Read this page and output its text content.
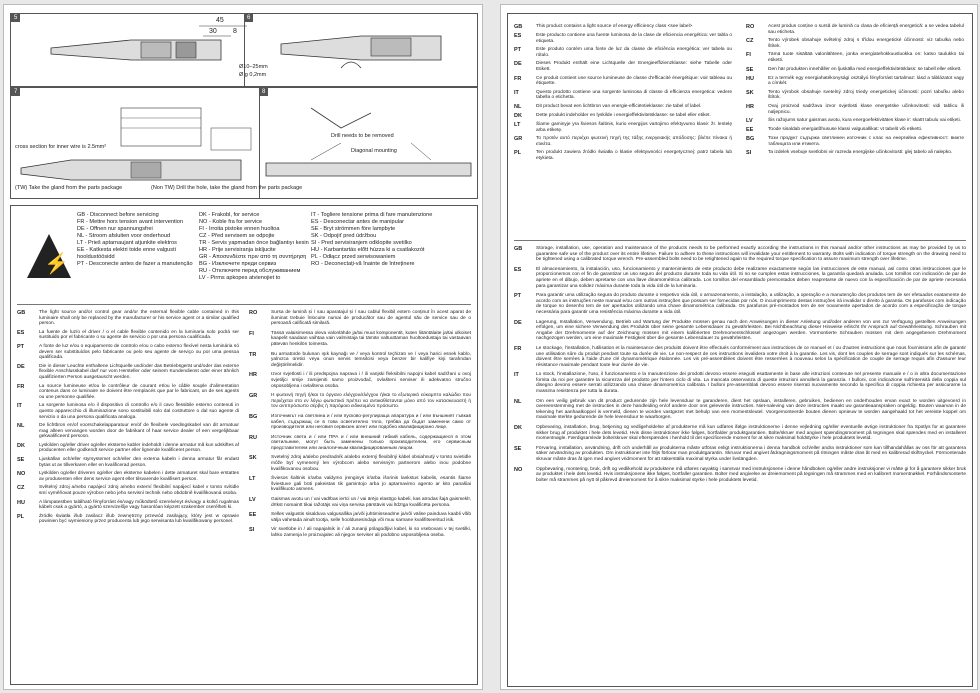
5	6
45
30 8
Ø10–25mm
Ø g 0,2mm
7	8
cross section for inner wire is 2.5mm²
(TW) Take the gland from the parts package	(Non TW) Drill the hole, take the gland from the parts package
Drill needs to be removed
Diagonal mounting
⚡
GB - Disconnect before servicing
FR - Mettre hors tension avant intervention
DE - Offnen nur spannungsfrei
NL - Stroom afsluiten voor onderhoud
LT - Prieš aptarnaujant atjunkite elektros
EE - Katkesta elektri toide enne valgusti hooldustöösidd
PT - Desconecte antes de fazer a manutenção
DK - Frakobl, for service
NO - Koble fra for service
FI - Irroita pistoke ennen huoltoa
CZ - Před servisem se odpojte
TR - Servis yapmadan önce bağlantıyı kesin
HR - Prije servisiranja iskljucite
GR - Αποσυνδέστε πριν από τη συντήρηση
BG - Изключете преди сервиз
RU - Отключите перед обслуживанием
LV - Pirms apkopes atvienojiet to
IT - Togliere tensione prima di fare manutenzione
ES - Desconectar antes de manipular
SE - Bryt strömmen före lampbyte
SK - Odpojiť pred údržbou
SI - Pred servisiranjem odklopite svetilko
HU - Karbantartás előtt húzza ki a csatlakozót
PL - Odłącz przed serwisowaniem
RO - Deconectați-vă înainte de întreținere
GB	The light source and/or control gear and/or the external flexible cable contained in this luminaire shall only be replaced by the manufacturer or his service agent or a similar qualified person.
ES	La fuente de luz/o el driver / o el cable flexible contenido en la luminaria solo podrá ser sustituido por el fabricante o su agente de servicio o por una persona cualificada.
PT	A fonte de luz e/ou o equipamento de controlo e/ou o cabo externo flexível nesta luminária só devem ser substituídos pelo fabricante ou pelo seu agente de serviço ou por uma pessoa qualificada.
DE	Die in dieser Leuchte enthaltene Lichtquelle und/oder das Betriebsgerät und/oder das externe flexible Anschlusskabel darf nur vom Hersteller oder seinem Kundendienst oder einer ähnlich qualifizierten Person ausgetauscht werden.
FR	La source lumineuse et/ou le contrôleur de courant et/ou le câble souple d'alimentation contenus dans ce luminaire ne doivent être remplacés que par le fabricant, un de ses agents ou une personne qualifiée.
IT	La sorgente luminosa e/o il dispositivo di controllo e/o il cavo flessibile esterno contenuti in questo apparecchio di illuminazione sono sostituibili solo dal costruttore o dal suo agente di servizio o da una persona qualificata analoga.
NL	De lichtbron en/of voorschakelapparatuur en/of de flexibele voedingskabel van dit armatuur mag alleen vervangen worden door de fabrikant of haar service dealer of een vergelijkbaar gekwalificeerd persoon.
DK	Lyskilden og/eller driver og/eller eksterne kabler indeholdt i denne armatur må kun udskiftes af producenten eller godkendt service partner eller lignende kvalificeret person.
SE	Ljuskällan och/eller styrsystemet och/eller den externa kabeln i denna armatur får endast bytas ut av tillverkaren eller en kvalificerad person.
NO	Lyskilden og/eller driveren og/eller den eksterne kabelen i dette armaturet skal bare erstattes av produsenten eller dens service agent eller tilsvarende kvalifisert person.
CZ	Světelný zdroj a/nebo napájecí zdroj a/nebo externí flexibilní napájecí kabel v tomto svítidle smí vyměňovat pouze výrobce nebo jeho servisní technik nebo obdobně kvalifikovaná osoba.
HU	A lámpatestben található fényforrást és/vagy működtető szerelvényt és/vagy a külső rugalmas kábelt csak a gyártó, a gyártó szervizelője vagy hasonlóan képzett szakember cserélheti ki.
PL	Źródło światła i/lub zasilacz i/lub zewnętrzny przewód zasilający, który jest w oprawie powinien być wymieniony przez producenta lub jego serwisanta lub kwalifikowany personel.
RO	Sursa de lumină și / sau aparatajul și / sau cablul flexibil extern conținut în acest aparat de iluminat trebuie înlocuite numai de producător sau de agentul său de service sau de o persoană calificată similară.
FI	Tässä valaisimessa oleva valonlähde ja/tai muut komponentit, kuten liitäntälaite ja/tai ulkoiset kaapelit saadaan vaihtaa vain valmistaja tai tämän valtuuttaman huoltoedustaja tai vastaavan pätevän henkilön toimesta.
TR	Bu armatürde bulunan ışık kaynağı ve / veya kontrol teçhizatı ve / veya harici esnek kablo, yalnızca üretici veya onun servis temsilcisi veya benzer bir kalifiye kişi tarafından değiştirilmelidir.
HR	Izvor svjetlosti i / ili predspojna naprava i / ili vanjski fleksibilni napojni kabel sadržani u ovoj svjetiljci smije zamijeniti samo proizvođač, ovlašteni serviser ili adekvatno stručno osposobljena i ovlaštena osoba.
GR	Η φωτεινή πηγή ή/και το όργανο ελέγχου/ελέγχου ή/και το εξωτερικό εύκαμπτο καλώδιο που περιέχεται στο εν λόγω φωτιστικό πρέπει να αντικαθίστανται μόνο από τον κατασκευαστή ή τον αντιπρόσωπο σέρβις ή παρόμοιο ειδικευμένο πρόσωπο.
BG	Източникът на светлина и / или пусково-регулираща апаратура и / или външният гъвкав кабел, съдържащ се в това осветително тяло, трябва да бъдат заменени само от производителя или неговия сервизен агент или подобно квалифицирано лице.
RU	Источник света и / или ПРА и / или внешний гибкий кабель, содержащиеся в этом светильнике, могут быть заменены только производителем, его сервисным представителем или аналогичным квалифицированным лицом.
SK	Svetelný zdroj a/alebo predradník a/alebo externý flexibilný kábel obsiahnutý v tomto svietidle môže byť vymenený len výrobcom alebo servisným partnerom alebo inou podobne kvalifikovanou osobou.
LT	Šviesos šaltinis ir/arba valdymo įrenginys ir/arba išorinis lankstus kabelis, esantis šiame šviestuve gali būti pakeistas tik gamintojo arba jo aptarnavimo agento ar kito panašiai kvalifikuoto asmens.
LV	Gaismas avotu un / vai vadības ierīci un / vai ārējo elastīgo kabeli, kas atrodas šajā gaismeklī, drīkst nomainīt tikai ražotājs vai viņa servisa pārstāvis vai līdzīga kvalificēta persona.
EE	Selles valgustis sisalduva valgusallika ja/või juhtimisseadme ja/või välise painduva kaabli võib välja vahetada ainult tootja, selle hooldusesindaja või muu sarnane kvalifitseeritud isik.
SI	Vir svetlobe in / ali napajalnik in / ali zunanji prilagodljivi kabel, ki so vsebovani v tej svetilki, lahko zamenja le proizvajalec ali njegov serviser ali podobno usposobljena oseba.
GB	This product contains a light source of energy efficiency class <see label>
ES	Este producto contiene una fuente luminosa de la clase de eficiencia energética: ver tabla o etiqueta.
PT	Este produto contém uma fonte de luz da classe de eficiência energética: ver tabela ou rótulo.
DE	Dieses Produkt enthält eine Lichtquelle der Energieeffizienzklasse: siehe Tabelle oder Etikett.
FR	Ce produit contient une source lumineuse de classe d'efficacité énergétique: voir tableau ou étiquette.
IT	Questo prodotto contiene una sorgente luminosa di classe di efficienza energetica: vedere tabella o etichetta.
NL	Dit product bevat een lichtbron van energie-efficiëntieklasse: zie tabel of label.
DK	Dette produkt indeholder en lyskilde i energieffektivitetsklasse: se tabel eller etiket.
LT	Šiame gaminyje yra šviesos šaltinis, kurio energijos vartojimo efektyvumo klasė: žr. lentelę arba etiketę.
GR	Το προϊόν αυτό περιέχει φωτεινή πηγή της τάξης ενεργειακής απόδοσης: βλέπε πίνακα ή ετικέτα.
PL	Ten produkt zawiera źródło światła o klasie efektywności energetycznej: patrz tabela lub etykieta.
RO	Acest produs conține o sursă de lumină cu clasa de eficiență energetică: a se vedea tabelul sau eticheta.
CZ	Tento výrobek obsahuje světelný zdroj s třídou energetické účinnosti: viz tabulka nebo štítek.
FI	Tämä tuote sisältää valonlähteen, jonka energiatehokkuusluokka on: katso taulukko tai etiketti.
SE	Den här produkten innehåller en ljuskälla med energieffektivitetsklass: se tabell eller etikett.
HU	Ez a termék egy energiahatékonysági osztályú fényforrást tartalmaz: lásd a táblázatot vagy a címkét.
SK	Tento výrobok obsahuje svetelný zdroj triedy energetickej účinnosti: pozri tabuľku alebo štítok.
HR	Ovaj proizvod sadržava izvor svjetlosti klase energetske učinkovitosti: vidi tablicu ili naljepnicu.
LV	Šis ražojums satur gaismas avotu, kura energoefektivitātes klase ir: skatīt tabulu vai etiķeti.
EE	Toode sisaldab energiatõhususe klassi valgusallikat: vt tabelit või etiketti.
BG	Този продукт съдържа светлинен източник с клас на енергийна ефективност: вижте таблицата или етикета.
SI	Ta izdelek vsebuje svetlobni vir razreda energijske učinkovitosti: glej tabelo ali nalepko.
GB	Storage, installation, use, operation and maintenance of the products needs to be performed exactly according the instructions in this manual and/or other instructions as may be provided by us to guarantee safe use of the product over its entire lifetime. Failure to adhere to these instructions will invalidate your entitlement to warranty. Bolts with indication of torque strength on the drawing need to be tightened using a calibrated torque wrench. Pre-assembled bolts need to be retightened again to the required torque specification to assure maximum strength over lifetime.
ES	El almacenamiento, la instalación, uso, funcionamiento y mantenimiento de este producto debe realizarse exactamente según las instrucciones de este manual, así como otras instrucciones que le proporcionemos con el fin de garantizar un uso seguro del producto durante toda su vida útil. Si no se cumplen estas instrucciones, la garantía quedará anulada. Los tornillos con indicación de par de apriete en el dibujo, deben apretarse con una llave dinamométrica calibrada. Los tornillos del ensamblado premontados deben reapretarse de nuevo con la especificación de par de apriete necesaria para garantizar una solidez máxima durante toda la vida útil de la luminaria.
PT	Para garantir uma utilização segura do produto durante o respetivo vida útil, o armazenamento, a instalação, a utilização, a operação e a manutenção dos produtos tem de ser efetuados exatamente de acordo com as instruções neste manual e/ou com outras instruções que possam ser fornecidas por nós. O incumprimento destas instruções irá invalidar o direito à garantia. Os parafusos com indicação de torque no desenho tem de ser apertados utilizando uma chave dinamométrica calibrada. Os parafusos pré-montados tem de ser novamente apertados de acordo com a especificação de torque necessária para garantir uma resistência máxima durante a vida útil.
DE	Lagerung, Installation, Verwendung, Betrieb und Wartung der Produkte müssen genau nach den Anweisungen in dieser Anleitung und/oder anderen von uns zur Verfügung gestellten Anweisungen erfolgen, um eine sichere Verwendung des Produkts über seine gesamte Lebensdauer zu gewährleisten. Bei Nichtbeachtung dieser Hinweise erlischt Ihr Anspruch auf Gewährleistung. Schrauben mit Angabe der Drehmomente auf der Zeichnung müssen mit einem kalibrierten Drehmomentschlüssel angezogen werden. Vormontierte Schrauben müssen mit dem angegebenen Drehmoment nachgezogen werden, um eine maximale Festigkeit über die gesamte Lebensdauer zu gewährleisten.
FR	Le stockage, l'installation, l'utilisation et la maintenance des produits doivent être effectués conformément aux instructions de ce manuel et / ou d'autres instructions que nous fournissons afin de garantir une utilisation sûre du produit pendant toute sa durée de vie. Le non-respect de ces instructions invalidera votre droit à la garantie. Les vis, dont les couples de serrage sont indiqués sur les schémas, doivent être serrées à l'aide d'une clé dynamométrique étalonnée. Les vis pré-assemblées doivent être resserrées à nouveau selon la spécification de couple de serrage requis afin d'assurer leur résistance maximale pendant toute leur durée de vie.
IT	Lo stock, l'installazione, l'uso, il funzionamento e la manutenzione dei prodotti devono essere eseguiti esattamente in base alle istruzioni contenute nel presente manuale e / o in altra documentazione fornita da noi per garantire la sicurezza del prodotto per l'intero ciclo di vita. La mancata osservanza di queste istruzioni annullerà la garanzia. I bulloni, con indicazione sull'intensità della coppia sul disegno devono essere serrati utilizzando una chiave dinamometrica calibrata. I bulloni pre-assemblati devono essere riserrati nuovamente secondo la specifica di coppia richiesta per assicurarne la massima resistenza per tutta la durata.
NL	Om een veilig gebruik van dit product gedurende zijn hele levensduur te garanderen, dient het opslaan, installeren, gebruiken, bedienen en onderhouden ervan exact te worden uitgevoerd in overeenstemming met de instructies in deze handleiding en/of andere door ons geleverde instructies. Niet-naleving van deze instructies maakt uw garantieaanspraken ongeldig. Bouten waarvan in de tekening het aanhaalkoppel is vermeld, dienen te worden vastgezet met behulp van een momentsleutel. Voorgemonteerde bouten dienen opnieuw te worden aangehaald tot het vereiste koppel om maximale sterkte gedurende de hele levensduur te waarborgen.
DK	Opbevaring, installation, brug, betjening og vedligeholdelse af produkterne må kun udføres ifølge instruktionerne i denne vejledning og/eller eventuelle øvrige instruktioner fra Spotlys for at garantere sikker brug af produktet i hele dets levetid. Hvis disse instruktioner ikke følges, bortfalder produktgarantien. Bolte/skruer med angivet spændingsmoment på tegningen skal spændes med en installeret momentnøgle. Færdigsamlede bolte/skruer skal efterspændes i henhold til det specificerede moment for at sikre maksimal holdstyrke i hele produktets levetid.
SE	Förvaring, installation, användning, drift och underhåll av produkterna måste utföras enligt instruktionerna i denna handbok och/eller andra instruktioner som kan tillhandahållas av oss för att garantera säker användning av produkten. Om instruktioner inte följs förlorar man produktgarantin. Skruvar med angivet åtdragningsmoment på ritningen måste dras åt med en kalibrerad skiftnyckel. Förmonterade skruvar måste dras åt igen med angivet vridmoment för att säkerställa maximal styrka under livslängden.
NO	Oppbevaring, montering, bruk, drift og vedlikehold av produktene må utføres nøyaktig i samsvar med instruksjonene i denne håndboken og/eller andre instruksjoner vi måtte gi for å garantere sikker bruk av produktet i hele dets levetid. Hvis instruksjonene ikke følges, bortfaller garantien. Bolter med angivelse av dreiemoment på tegningen må strammes med en kalibrert momentnøkkel. Forhåndsmonterte bolter må strammes på nytt til påkrevd dreiemoment for å sikre maksimal styrke i hele produktets levetid.
